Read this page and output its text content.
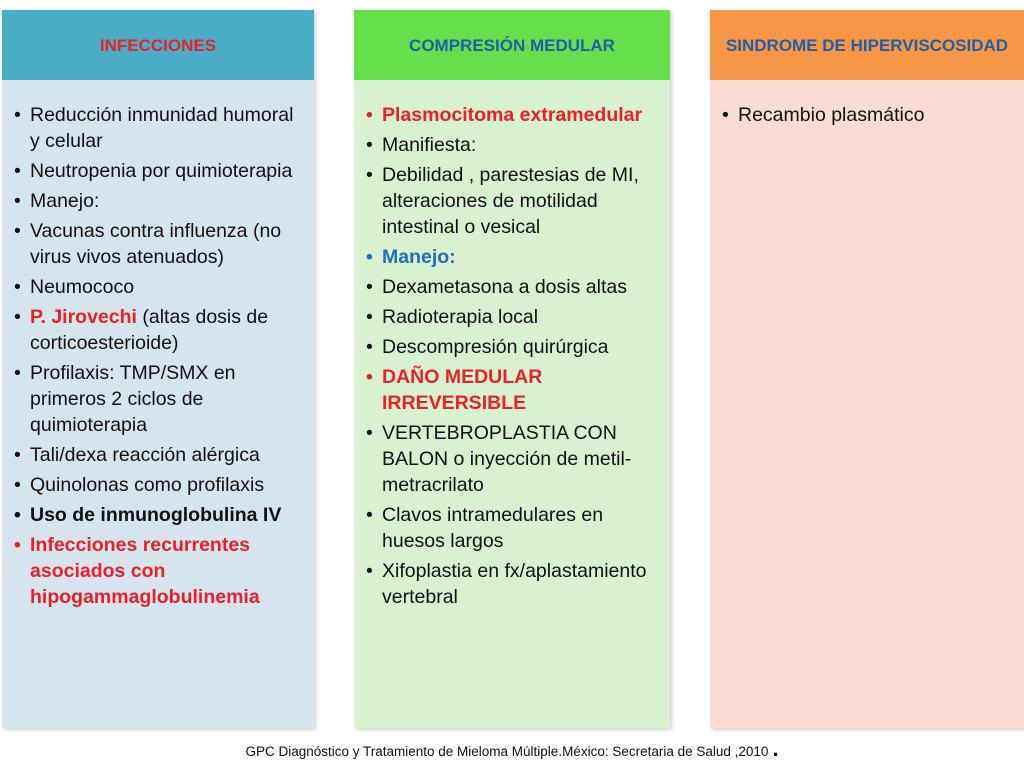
INFECCIONES
• Reducción inmunidad humoral y celular
• Neutropenia por quimioterapia
• Manejo:
• Vacunas contra influenza (no virus vivos atenuados)
• Neumococo
• P. Jirovechi (altas dosis de corticoesterioide)
• Profilaxis: TMP/SMX en primeros 2 ciclos de quimioterapia
• Tali/dexa reacción alérgica
• Quinolonas como profilaxis
• Uso de inmunoglobulina IV
• Infecciones recurrentes asociados con hipogammaglobulinemia
COMPRESIÓN MEDULAR
• Plasmocitoma extramedular
• Manifiesta:
• Debilidad , parestesias de MI, alteraciones de motilidad intestinal o vesical
• Manejo:
• Dexametasona a dosis altas
• Radioterapia local
• Descompresión quirúrgica
• DAÑO MEDULAR IRREVERSIBLE
• VERTEBROPLASTIA CON BALON o inyección de metil-metracrilato
• Clavos intramedulares en huesos largos
• Xifoplastia en fx/aplastamiento vertebral
SINDROME DE HIPERVISCOSIDAD
• Recambio plasmático
GPC Diagnóstico y Tratamiento de Mieloma Múltiple.México: Secretaria de Salud ,2010 .
